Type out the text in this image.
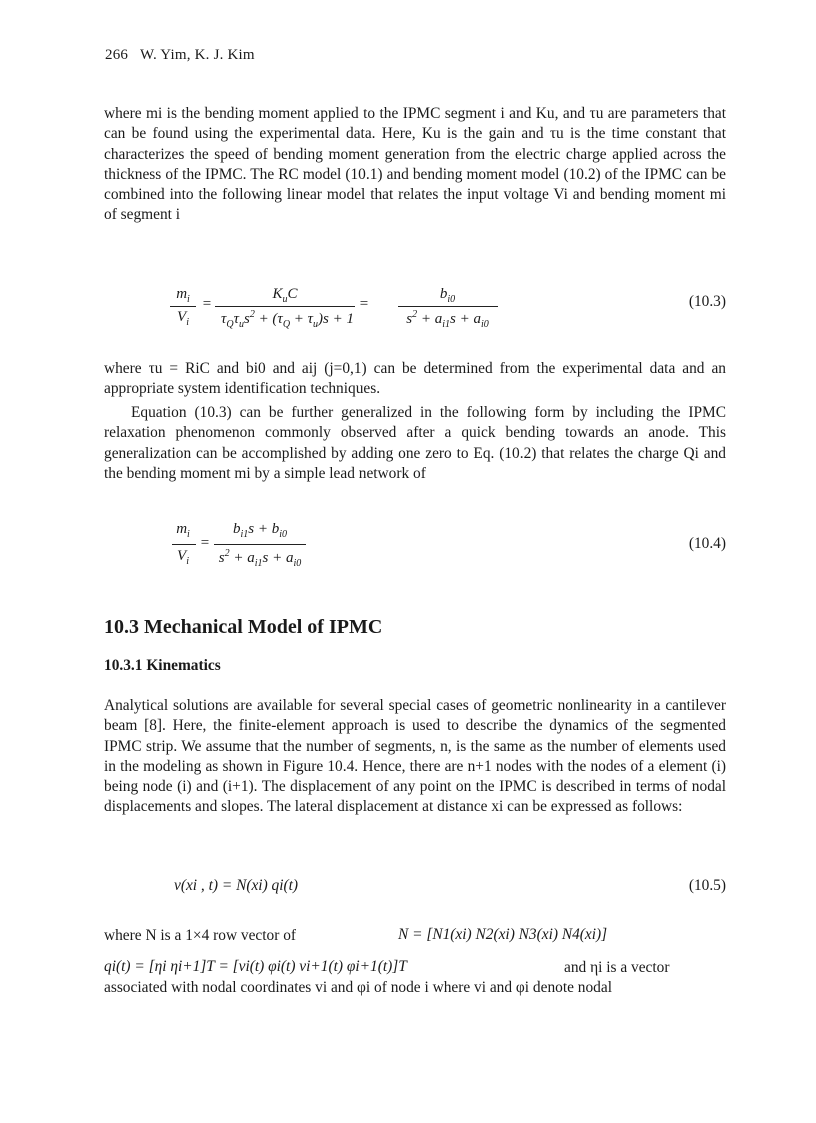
266 W. Yim, K. J. Kim

where mi is the bending moment applied to the IPMC segment i and Ku, and τu are parameters that can be found using the experimental data. Here, Ku is the gain and τu is the time constant that characterizes the speed of bending moment generation from the electric charge applied across the thickness of the IPMC. The RC model (10.1) and bending moment model (10.2) of the IPMC can be combined into the following linear model that relates the input voltage Vi and bending moment mi of segment i

$m_i$
$V_i$
=
$K_uC$
$\tau_Q\tau_us^2 + (\tau_Q + \tau_u)s + 1$
=
$b_{i0}$
$s^2 + a_{i1}s + a_{i0}$
(10.3)

where τu = RiC and bi0 and aij (j=0,1) can be determined from the experimental data and an appropriate system identification techniques.

Equation (10.3) can be further generalized in the following form by including the IPMC relaxation phenomenon commonly observed after a quick bending towards an anode. This generalization can be accomplished by adding one zero to Eq. (10.2) that relates the charge Qi and the bending moment mi by a simple lead network of

$m_i$
$V_i$
=
$b_{i1}s + b_{i0}$
$s^2 + a_{i1}s + a_{i0}$
(10.4)
10.3 Mechanical Model of IPMC
10.3.1 Kinematics

Analytical solutions are available for several special cases of geometric nonlinearity in a cantilever beam [8]. Here, the finite-element approach is used to describe the dynamics of the segmented IPMC strip. We assume that the number of segments, n, is the same as the number of elements used in the modeling as shown in Figure 10.4. Hence, there are n+1 nodes with the nodes of a element (i) being node (i) and (i+1). The displacement of any point on the IPMC is described in terms of nodal displacements and slopes. The lateral displacement at distance xi can be expressed as follows:

v(xi , t) = N(xi) qi(t)	(10.5)
where N is a 1×4 row vector of	N = [N1(xi) N2(xi) N3(xi) N4(xi)]
qi(t) = [ηi ηi+1]T = [vi(t) φi(t) vi+1(t) φi+1(t)]T	and ηi is a vector associated with nodal coordinates vi and φi of node i where vi and φi denote nodal
